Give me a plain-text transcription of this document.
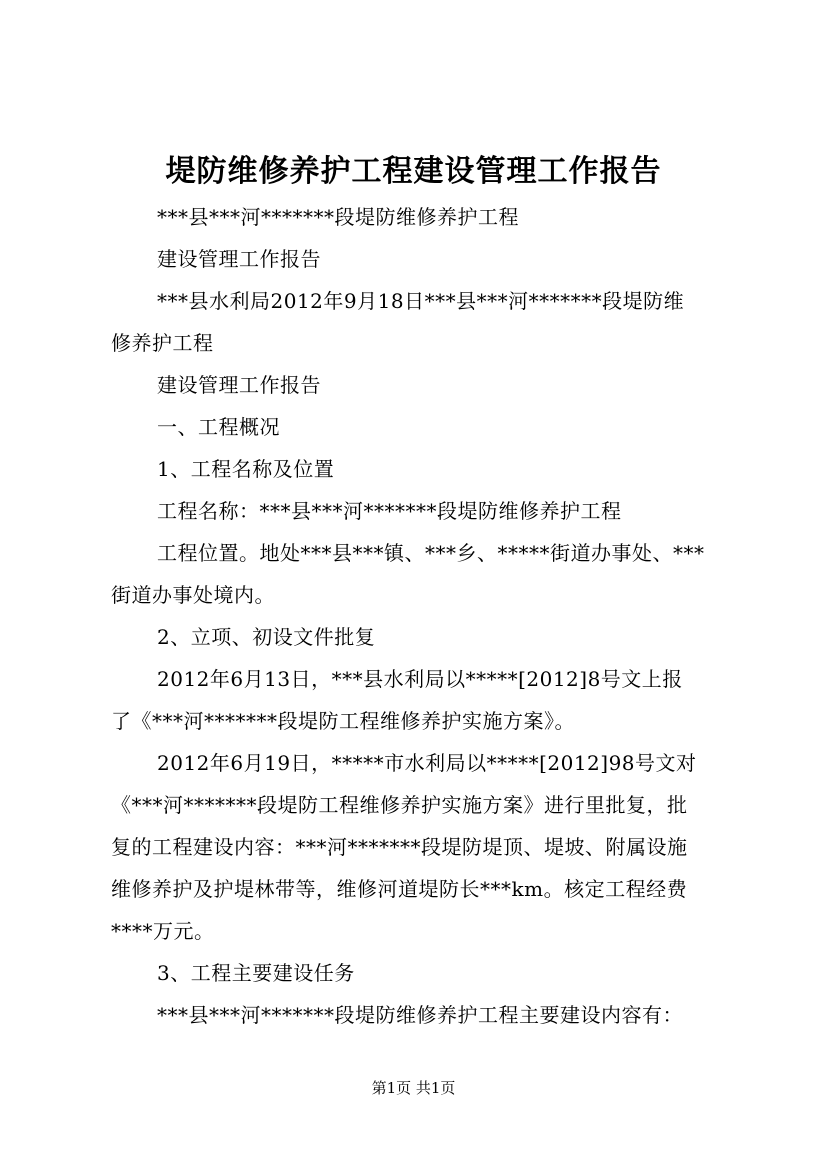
堤防维修养护工程建设管理工作报告
***县***河*******段堤防维修养护工程
建设管理工作报告
***县水利局2012年9月18日***县***河*******段堤防维
修养护工程
建设管理工作报告
一、工程概况
1、工程名称及位置
工程名称：***县***河*******段堤防维修养护工程
工程位置。地处***县***镇、***乡、*****街道办事处、***
街道办事处境内。
2、立项、初设文件批复
2012年6月13日，***县水利局以*****[2012]8号文上报
了《***河*******段堤防工程维修养护实施方案》。
2012年6月19日，*****市水利局以*****[2012]98号文对
《***河*******段堤防工程维修养护实施方案》进行里批复，批
复的工程建设内容：***河*******段堤防堤顶、堤坡、附属设施
维修养护及护堤林带等，维修河道堤防长***km。核定工程经费
****万元。
3、工程主要建设任务
***县***河*******段堤防维修养护工程主要建设内容有：
第1页 共1页
